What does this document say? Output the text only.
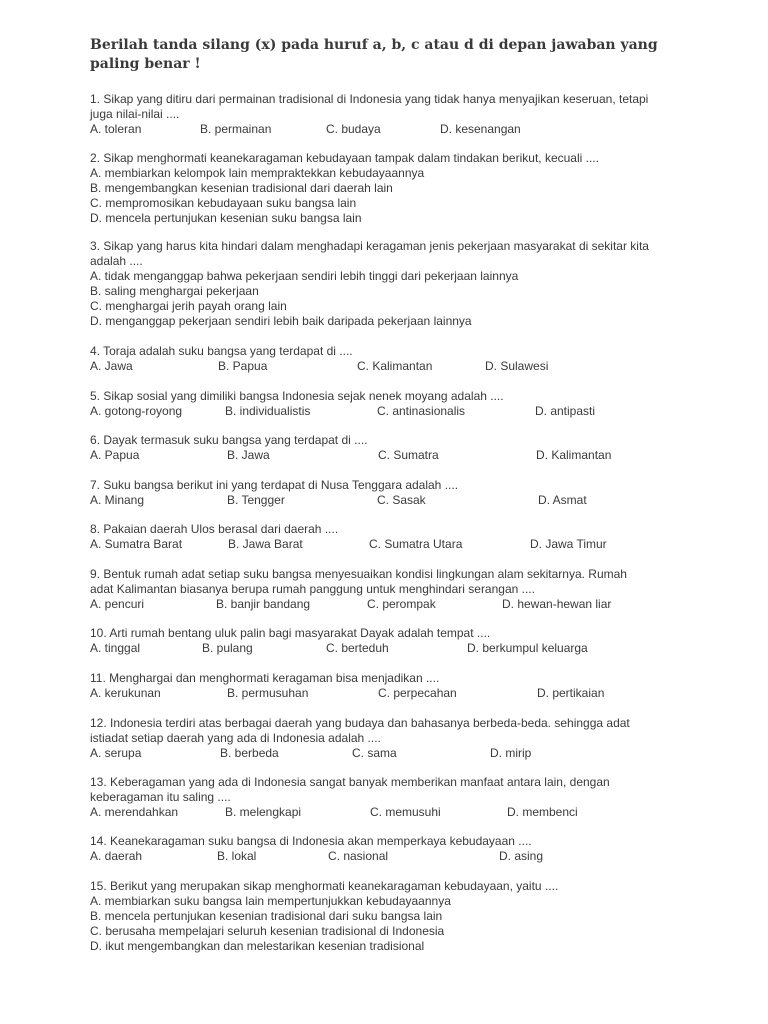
Berilah tanda silang (x) pada huruf a, b, c atau d di depan jawaban yang paling benar !
1. Sikap yang ditiru dari permainan tradisional di Indonesia yang tidak hanya menyajikan keseruan, tetapi
juga nilai-nilai ....
A. toleran	B. permainan	C. budaya	D. kesenangan
2. Sikap menghormati keanekaragaman kebudayaan tampak dalam tindakan berikut, kecuali ....
A. membiarkan kelompok lain mempraktekkan kebudayaannya
B. mengembangkan kesenian tradisional dari daerah lain
C. mempromosikan kebudayaan suku bangsa lain
D. mencela pertunjukan kesenian suku bangsa lain
3. Sikap yang harus kita hindari dalam menghadapi keragaman jenis pekerjaan masyarakat di sekitar kita
adalah ....
A. tidak menganggap bahwa pekerjaan sendiri lebih tinggi dari pekerjaan lainnya
B. saling menghargai pekerjaan
C. menghargai jerih payah orang lain
D. menganggap pekerjaan sendiri lebih baik daripada pekerjaan lainnya
4. Toraja adalah suku bangsa yang terdapat di ....
A. Jawa	B. Papua	C. Kalimantan	D. Sulawesi
5. Sikap sosial yang dimiliki bangsa Indonesia sejak nenek moyang adalah ....
A. gotong-royong	B. individualistis	C. antinasionalis	D. antipasti
6. Dayak termasuk suku bangsa yang terdapat di ....
A. Papua	B. Jawa	C. Sumatra	D. Kalimantan
7. Suku bangsa berikut ini yang terdapat di Nusa Tenggara adalah ....
A. Minang	B. Tengger	C. Sasak	D. Asmat
8. Pakaian daerah Ulos berasal dari daerah ....
A. Sumatra Barat	B. Jawa Barat	C. Sumatra Utara	D. Jawa Timur
9. Bentuk rumah adat setiap suku bangsa menyesuaikan kondisi lingkungan alam sekitarnya. Rumah
adat Kalimantan biasanya berupa rumah panggung untuk menghindari serangan ....
A. pencuri	B. banjir bandang	C. perompak	D. hewan-hewan liar
10. Arti rumah bentang uluk palin bagi masyarakat Dayak adalah tempat ....
A. tinggal	B. pulang	C. berteduh	D. berkumpul keluarga
11. Menghargai dan menghormati keragaman bisa menjadikan ....
A. kerukunan	B. permusuhan	C. perpecahan	D. pertikaian
12. Indonesia terdiri atas berbagai daerah yang budaya dan bahasanya berbeda-beda. sehingga adat
istiadat setiap daerah yang ada di Indonesia adalah ....
A. serupa	B. berbeda	C. sama	D. mirip
13. Keberagaman yang ada di Indonesia sangat banyak memberikan manfaat antara lain, dengan
keberagaman itu saling ....
A. merendahkan	B. melengkapi	C. memusuhi	D. membenci
14. Keanekaragaman suku bangsa di Indonesia akan memperkaya kebudayaan ....
A. daerah	B. lokal	C. nasional	D. asing
15. Berikut yang merupakan sikap menghormati keanekaragaman kebudayaan, yaitu ....
A. membiarkan suku bangsa lain mempertunjukkan kebudayaannya
B. mencela pertunjukan kesenian tradisional dari suku bangsa lain
C. berusaha mempelajari seluruh kesenian tradisional di Indonesia
D. ikut mengembangkan dan melestarikan kesenian tradisional
